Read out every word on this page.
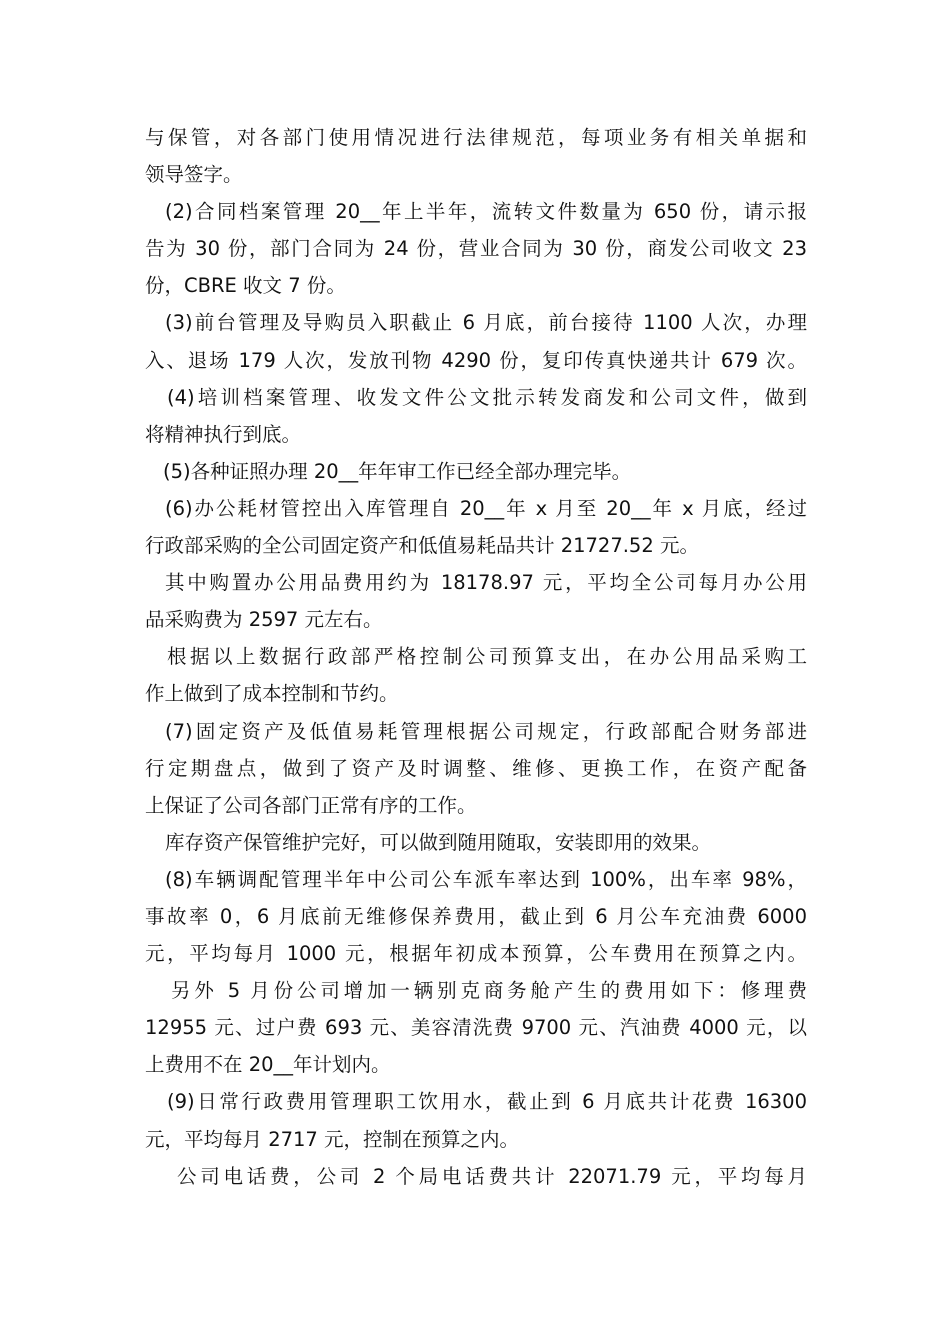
与保管，对各部门使用情况进行法律规范，每项业务有相关单据和
领导签字。
(2)合同档案管理 20__年上半年，流转文件数量为 650 份，请示报
告为 30 份，部门合同为 24 份，营业合同为 30 份，商发公司收文 23
份，CBRE 收文 7 份。
(3)前台管理及导购员入职截止 6 月底，前台接待 1100 人次，办理
入、退场 179 人次，发放刊物 4290 份，复印传真快递共计 679 次。
(4)培训档案管理、收发文件公文批示转发商发和公司文件，做到
将精神执行到底。
(5)各种证照办理 20__年年审工作已经全部办理完毕。
(6)办公耗材管控出入库管理自 20__年 x 月至 20__年 x 月底，经过
行政部采购的全公司固定资产和低值易耗品共计 21727.52 元。
其中购置办公用品费用约为 18178.97 元，平均全公司每月办公用
品采购费为 2597 元左右。
根据以上数据行政部严格控制公司预算支出，在办公用品采购工
作上做到了成本控制和节约。
(7)固定资产及低值易耗管理根据公司规定，行政部配合财务部进
行定期盘点，做到了资产及时调整、维修、更换工作，在资产配备
上保证了公司各部门正常有序的工作。
库存资产保管维护完好，可以做到随用随取，安装即用的效果。
(8)车辆调配管理半年中公司公车派车率达到 100%，出车率 98%，
事故率 0，6 月底前无维修保养费用，截止到 6 月公车充油费 6000
元，平均每月 1000 元，根据年初成本预算，公车费用在预算之内。
另外 5 月份公司增加一辆别克商务舱产生的费用如下：修理费
12955 元、过户费 693 元、美容清洗费 9700 元、汽油费 4000 元，以
上费用不在 20__年计划内。
(9)日常行政费用管理职工饮用水，截止到 6 月底共计花费 16300
元，平均每月 2717 元，控制在预算之内。
公司电话费，公司 2 个局电话费共计 22071.79 元，平均每月
